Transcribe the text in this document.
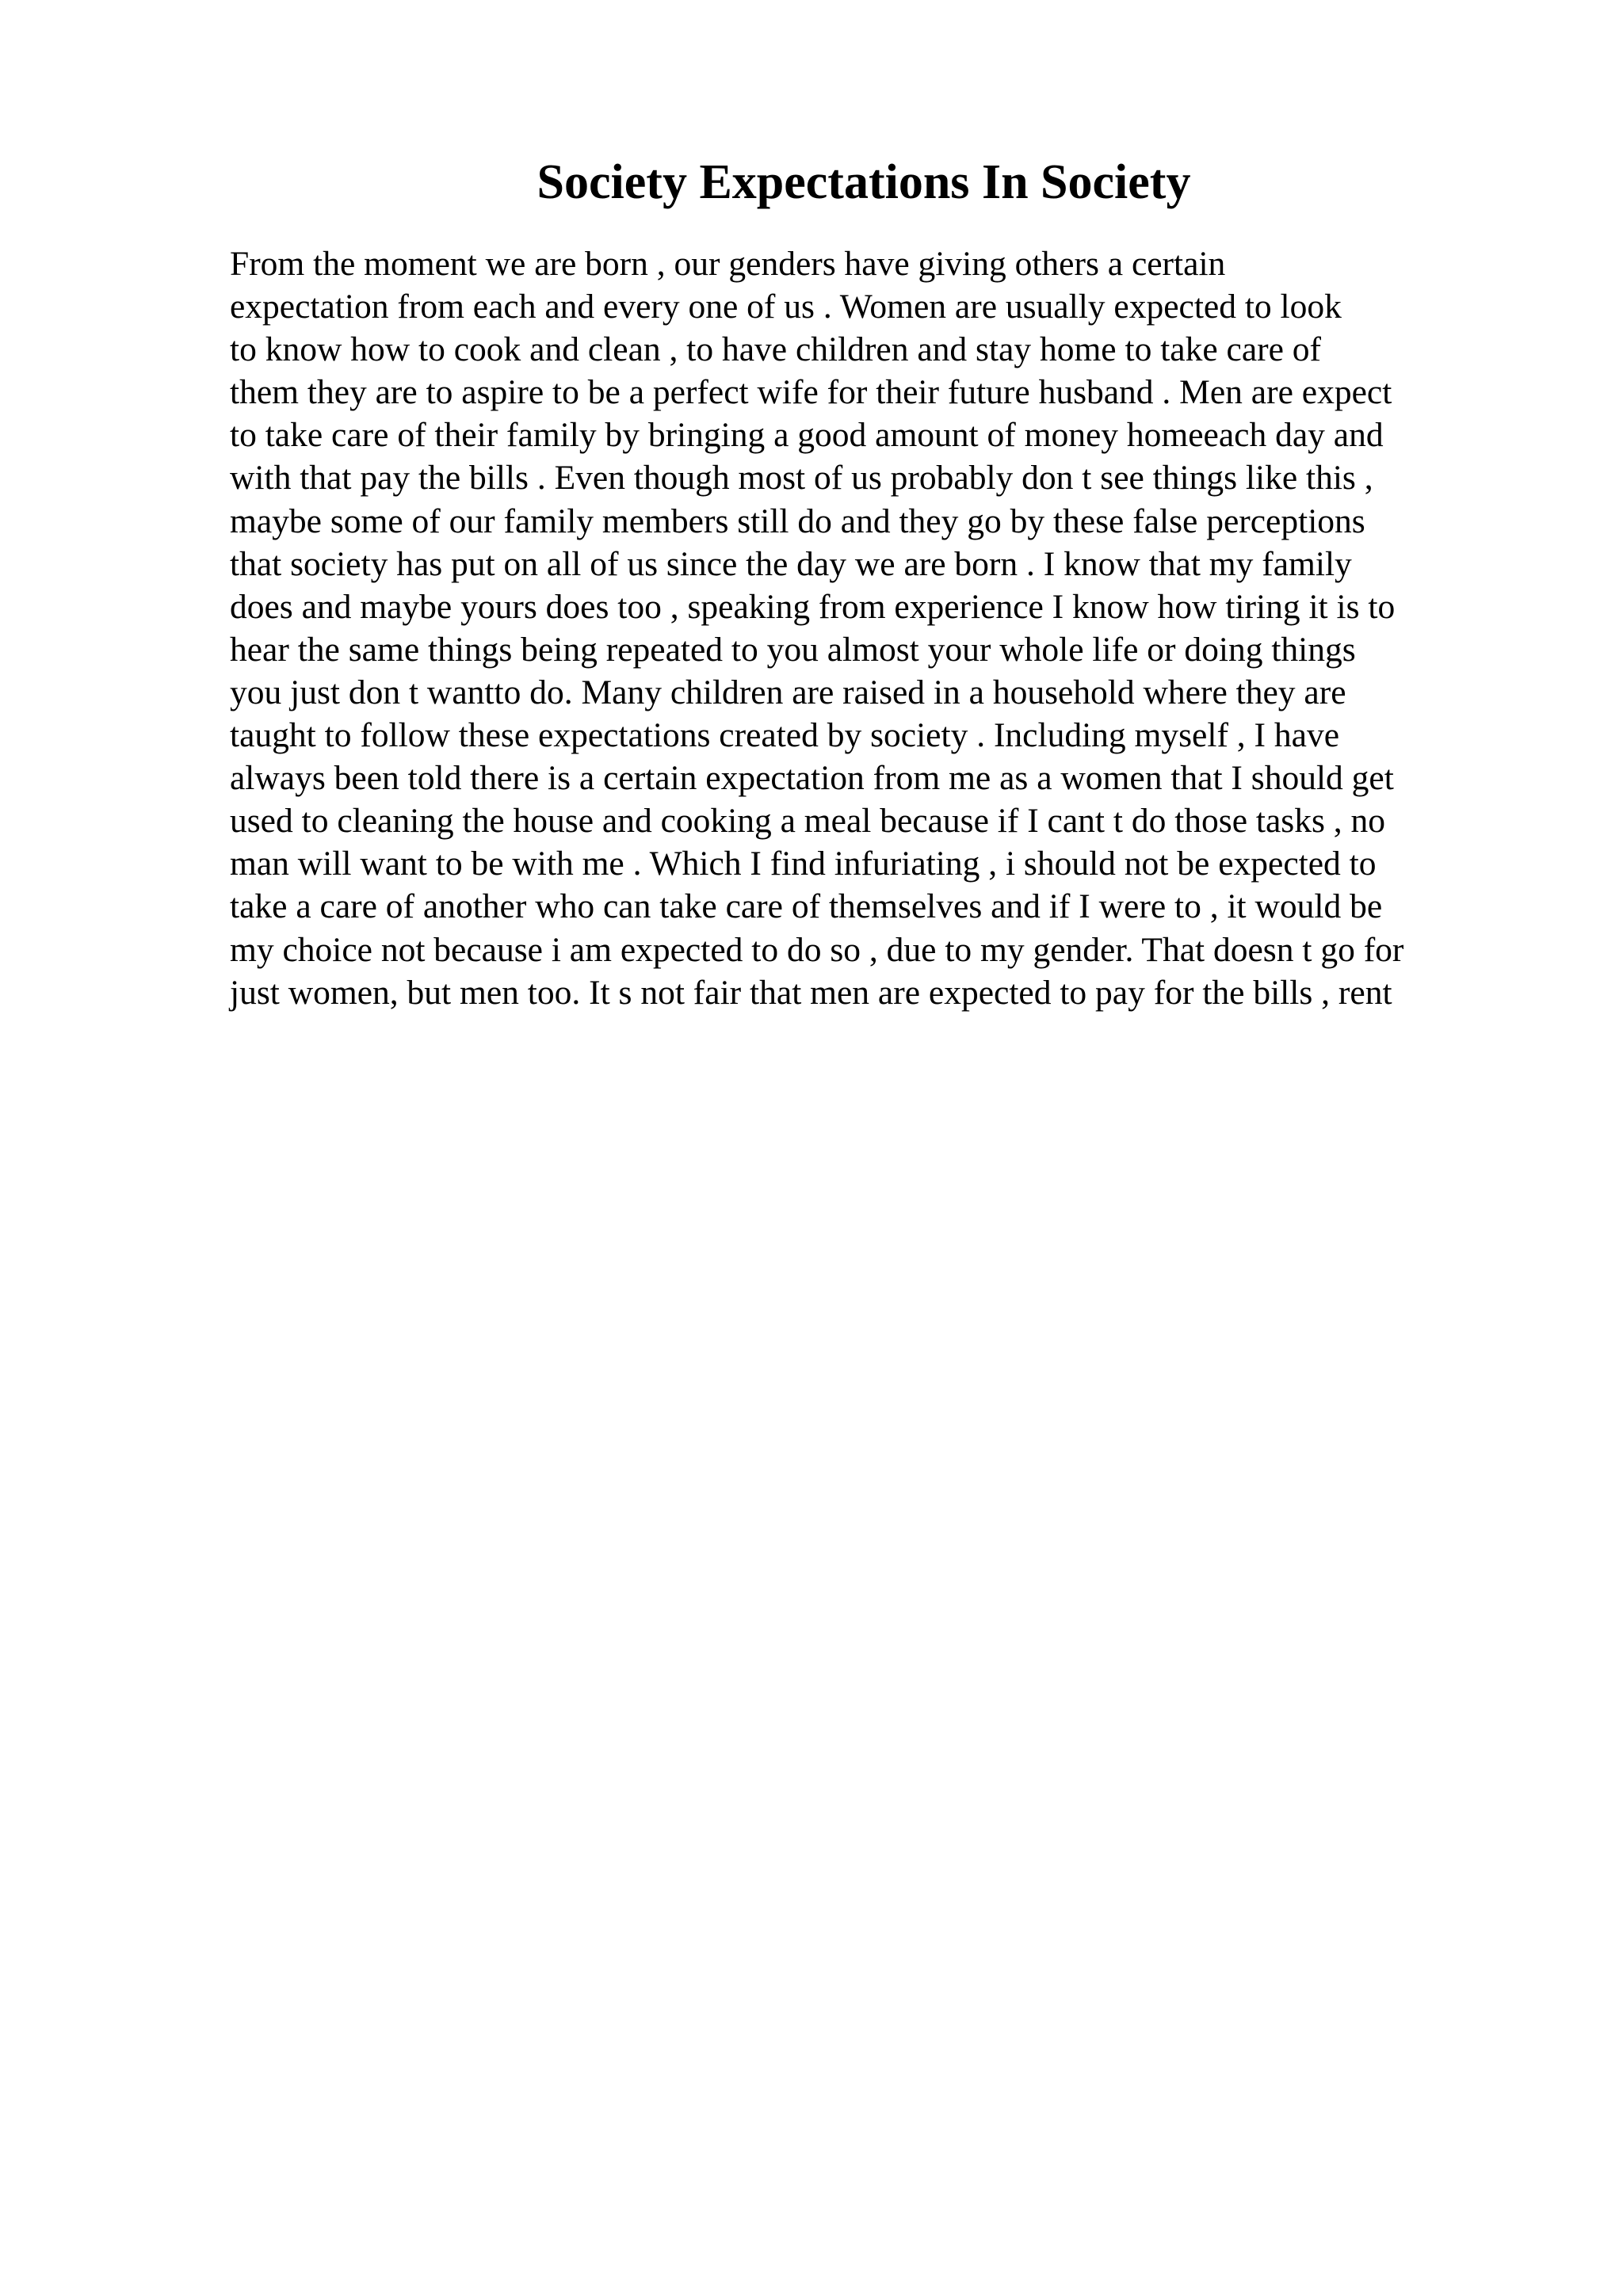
Society Expectations In Society
From the moment we are born , our genders have giving others a certain
expectation from each and every one of us . Women are usually expected to look
to know how to cook and clean , to have children and stay home to take care of
them they are to aspire to be a perfect wife for their future husband . Men are expect
to take care of their family by bringing a good amount of money homeeach day and
with that pay the bills . Even though most of us probably don t see things like this ,
maybe some of our family members still do and they go by these false perceptions
that society has put on all of us since the day we are born . I know that my family
does and maybe yours does too , speaking from experience I know how tiring it is to
hear the same things being repeated to you almost your whole life or doing things
you just don t wantto do. Many children are raised in a household where they are
taught to follow these expectations created by society . Including myself , I have
always been told there is a certain expectation from me as a women that I should get
used to cleaning the house and cooking a meal because if I cant t do those tasks , no
man will want to be with me . Which I find infuriating , i should not be expected to
take a care of another who can take care of themselves and if I were to , it would be
my choice not because i am expected to do so , due to my gender. That doesn t go for
just women, but men too. It s not fair that men are expected to pay for the bills , rent
